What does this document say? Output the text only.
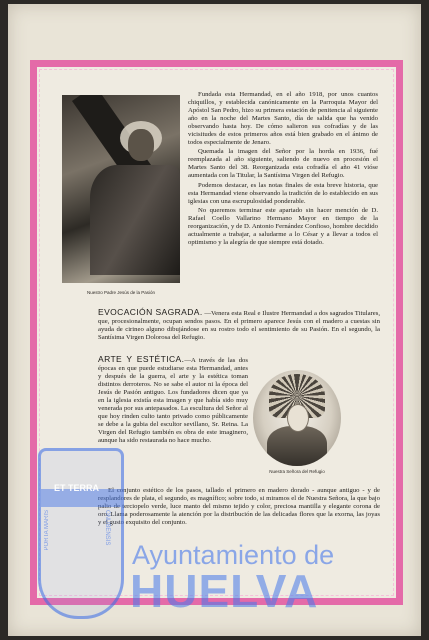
Nuestro Padre Jesús de la Pasión

Fundada esta Hermandad, en el año 1918, por unos cuantos chiquillos, y establecida canónicamente en la Parroquia Mayor del Apóstol San Pedro, hizo su primera estación de penitencia al siguiente año en la noche del Martes Santo, día de salida que ha venido observando hasta hoy. De cómo salieron sus cofradías y de las vicisitudes de estos primeros años está bien grabado en el ánimo de todos especialmente de Jenaro.

Quemada la imagen del Señor por la horda en 1936, fué reemplazada al año siguiente, saliendo de nuevo en procesión el Martes Santo del 38. Reorganizada esta cofradía el año 41 vióse aumentada con la Titular, la Santísima Virgen del Refugio.

Podemos destacar, es las notas finales de esta breve historia, que esta Hermandad viene observando la tradición de lo establecido en sus iglesias con una escrupulosidad ponderable.

No queremos terminar este apartado sin hacer mención de D. Rafael Coello Vallarino Hermano Mayor en tiempo de la reorganización, y de D. Antonio Fernández Confioso, hombre decidido actualmente a trabajar, a saludarme a lo César y a llevar a todos el optimismo y la alegría de que siempre está dotado.

EVOCACIÓN SAGRADA. —Venera esta Real e Ilustre Hermandad a dos sagrados Titulares, que, procesionalmente, ocupan sendos pasos. En el primero aparece Jesús con el madero a cuestas sin ayuda de cirineo alguno dibujándose en su rostro todo el sentimiento de su Pasión. En el segundo, la Santísima Virgen Dolorosa del Refugio.

ARTE Y ESTÉTICA.—A través de las dos épocas en que puede estudiarse esta Hermandad, antes y después de la guerra, el arte y la estética toman distintos derroteros. No se sabe el autor ni la época del Jesús de Pasión antiguo. Los fundadores dicen que ya en la iglesia existía esta imagen y que había sido muy venerada por sus antepasados. La escultura del Señor al que hoy rinden culto tanto privado como públicamente se debe a la gubia del escultor sevillano, Sr. Reina. La Virgen del Refugio también es obra de este imaginero, aunque ha sido restaurada no hace mucho.

Nuestra Señora del Refugio

El conjunto estético de los pasos, tallado el primero en madero dorado - aunque antiguo - y de resplandores de plata, el segundo, es magnífico; sobre todo, si miramos el de Nuestra Señora, la que bajo palio de terciopelo verde, luce manto del mismo tejido y color, preciosa mantilla y elegante corona de oro. Llama poderosamente la atención por la distribución de las delicadas flores que la exorna, las joyas y el gusto exquisito del conjunto.

ET TERRA
PORTA MARIS	ONUBENSIS
Ayuntamiento de
HUELVA
